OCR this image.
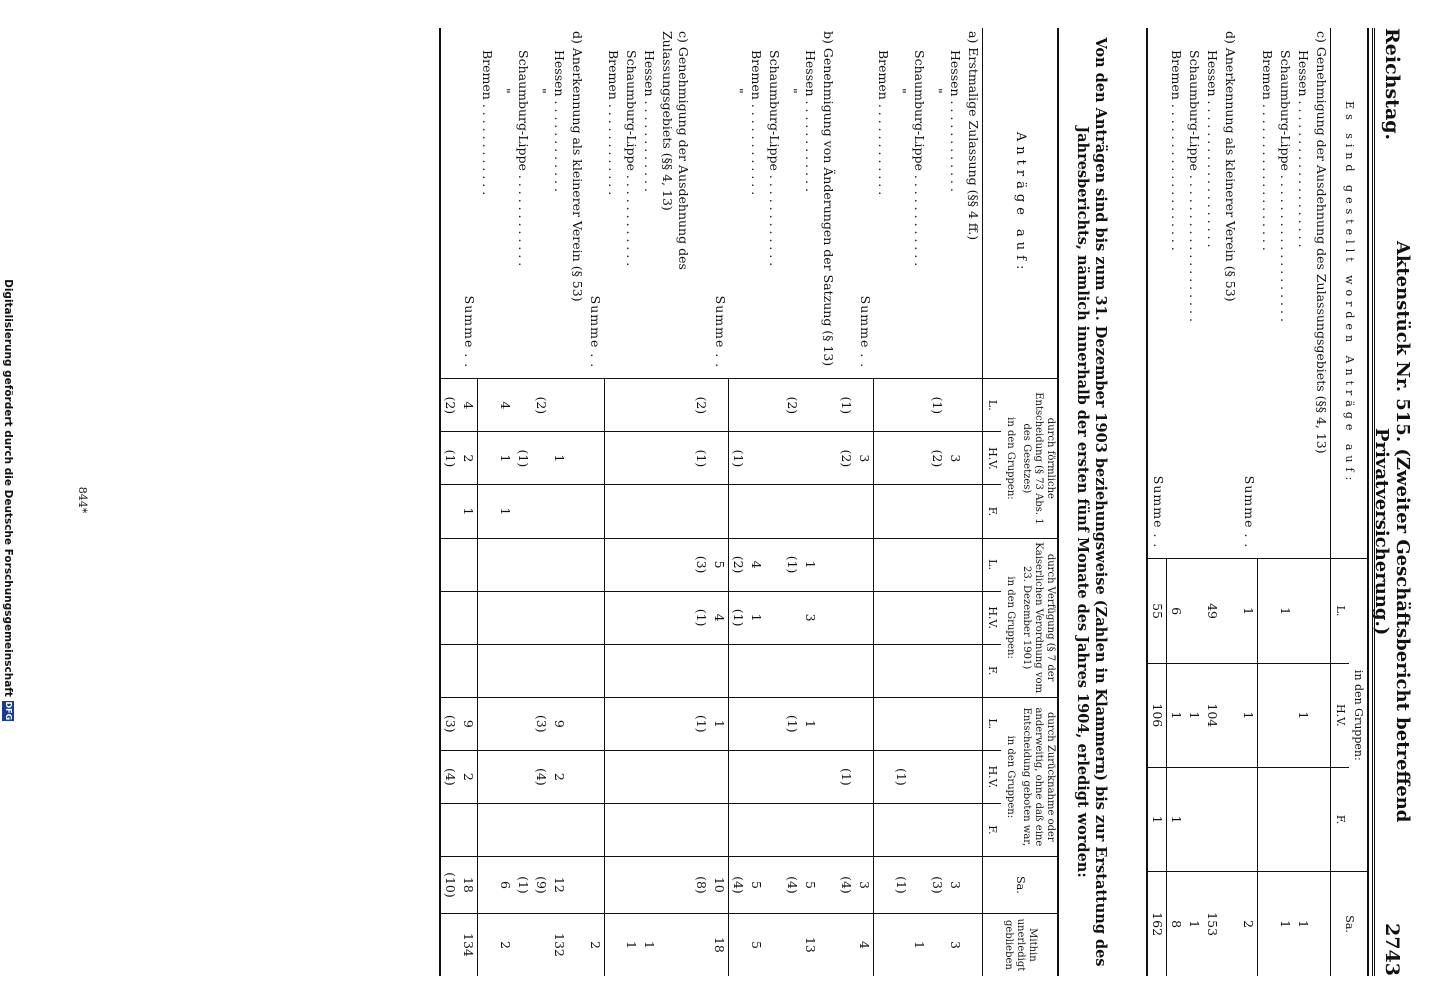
Reichstag.
Aktenstück Nr. 515. (Zweiter Geschäftsbericht betreffend Privatversicherung.)
2743
Es sind gestellt worden Anträge auf:	in den Gruppen:			Sa.
	L.	H.V.	F.	
c) Genehmigung der Ausdehnung des Zulassungsgebiets (§§ 4, 13)				
Hessen . . . . . . . . . . . . . . . . . . .		1		1
Schaumburg-Lippe . . . . . . . . . . . . . . . . . . .	1			1
Bremen . . . . . . . . . . . . . . . . . . .				
Summe . .	1	1		2
d) Anerkennung als kleinerer Verein (§ 53)				
Hessen . . . . . . . . . . . . . . . . . . .	49	104		153
Schaumburg-Lippe . . . . . . . . . . . . . . . . . . .		1		1
Bremen . . . . . . . . . . . . . . . . . . .	6	1	1	8
Summe . .	55	106	1	162
Von den Anträgen sind bis zum 31. Dezember 1903 beziehungsweise (Zahlen in Klammern) bis zur Erstattung des Jahresberichts, nämlich innerhalb der ersten fünf Monate des Jahres 1904, erledigt worden:
Anträge auf:	durch förmliche Entscheidung (§ 73 Abs. 1 des Gesetzes)			durch Verfügung (§ 7 der Kaiserlichen Verordnung vom 23. Dezember 1901)			durch Zurücknahme oder anderweitig, ohne daß eine Entscheidung geboten war,			Sa.	Mithin unerledigt geblieben
	in den Gruppen:			in den Gruppen:			in den Gruppen:				
	L.	H.V.	F.	L.	H.V.	F.	L.	H.V.	F.		
a) Erstmalige Zulassung (§§ 4 ff.)											
Hessen . . . . . . . . . . . .		3								3	3
"	(1)	(2)								(3)	
Schaumburg-Lippe . . . . . . . . . . . .											1
"								(1)		(1)	
Bremen . . . . . . . . . . . .											
Summe . .		3								3	4
	(1)	(2)						(1)		(4)	
b) Genehmigung von Änderungen der Satzung (§ 13)											
Hessen . . . . . . . . . . . .				1	3		1			5	13
"	(2)			(1)			(1)			(4)	
Schaumburg-Lippe . . . . . . . . . . . .											
Bremen . . . . . . . . . . . .				4	1					5	5
"		(1)		(2)	(1)					(4)	
Summe . .				5	4		1			10	18
	(2)	(1)		(3)	(1)		(1)			(8)	
c) Genehmigung der Ausdehnung des Zulassungsgebiets (§§ 4, 13)											
Hessen . . . . . . . . . . . .											1
Schaumburg-Lippe . . . . . . . . . . . .											1
Bremen . . . . . . . . . . . .											
Summe . .											2
d) Anerkennung als kleinerer Verein (§ 53)											
Hessen . . . . . . . . . . . .		1					9	2		12	132
"	(2)						(3)	(4)		(9)	
Schaumburg-Lippe . . . . . . . . . . . .		(1)								(1)	
"	4	1	1							6	2
Bremen . . . . . . . . . . . .											
Summe . .	4	2	1				9	2		18	134
	(2)	(1)					(3)	(4)		(10)	
844*
Digitalisierung gefördert durch die Deutsche Forschungsgemeinschaft
DFG
